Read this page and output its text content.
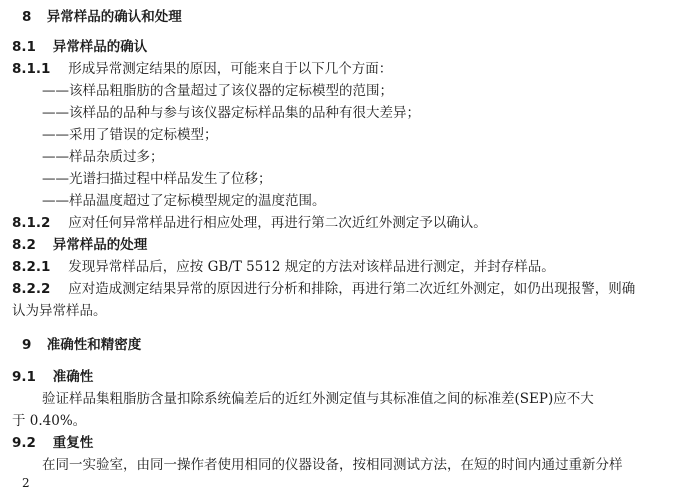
8 异常样品的确认和处理
8.1 异常样品的确认
8.1.1 形成异常测定结果的原因，可能来自于以下几个方面：
——该样品粗脂肪的含量超过了该仪器的定标模型的范围；
——该样品的品种与参与该仪器定标样品集的品种有很大差异；
——采用了错误的定标模型；
——样品杂质过多；
——光谱扫描过程中样品发生了位移；
——样品温度超过了定标模型规定的温度范围。
8.1.2 应对任何异常样品进行相应处理，再进行第二次近红外测定予以确认。
8.2 异常样品的处理
8.2.1 发现异常样品后，应按 GB/T 5512 规定的方法对该样品进行测定，并封存样品。
8.2.2 应对造成测定结果异常的原因进行分析和排除，再进行第二次近红外测定，如仍出现报警，则确
认为异常样品。
9 准确性和精密度
9.1 准确性
验证样品集粗脂肪含量扣除系统偏差后的近红外测定值与其标准值之间的标准差(SEP)应不大
于 0.40%。
9.2 重复性
在同一实验室，由同一操作者使用相同的仪器设备，按相同测试方法，在短的时间内通过重新分样
2
